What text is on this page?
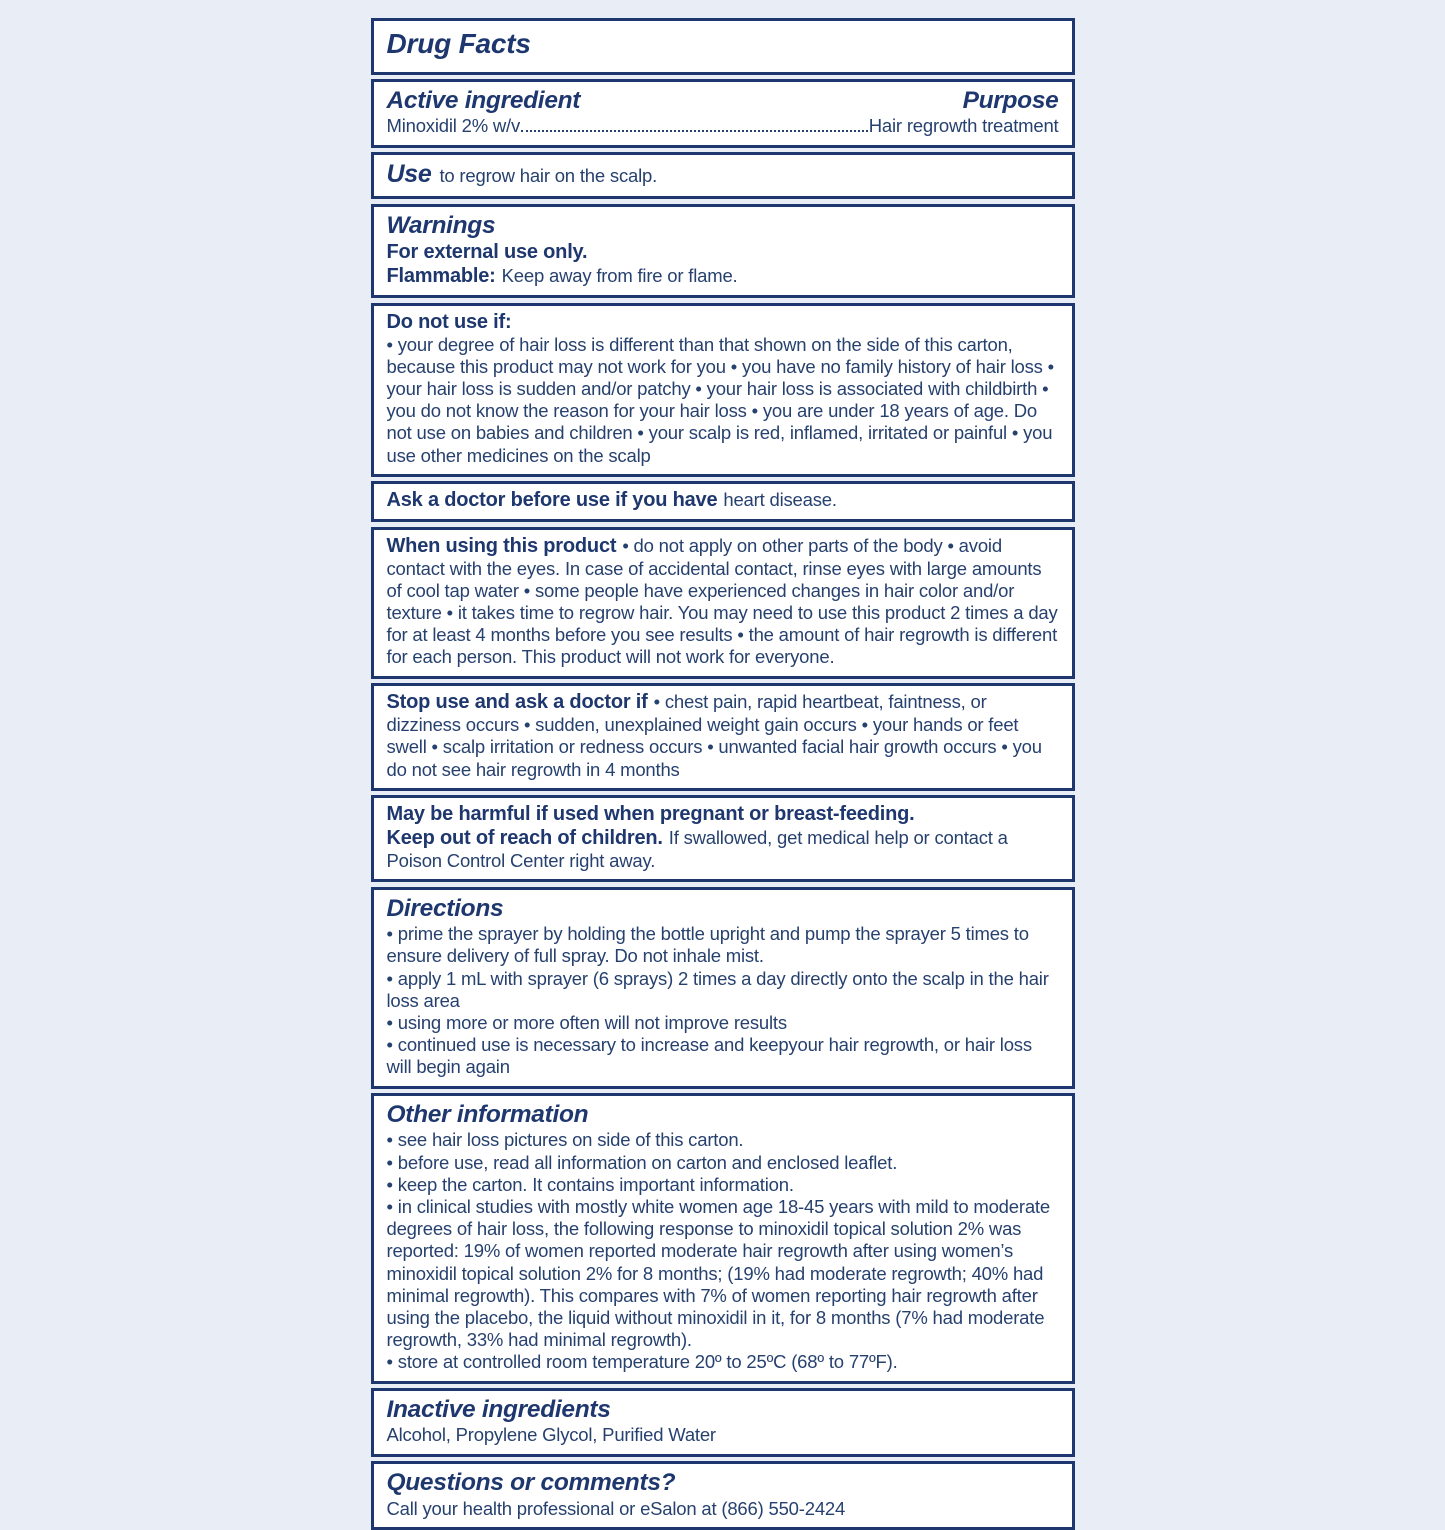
Drug Facts
Active ingredient	Purpose
Minoxidil 2% w/v	Hair regrowth treatment
Use to regrow hair on the scalp.
Warnings
For external use only.
Flammable: Keep away from fire or flame.
Do not use if:
• your degree of hair loss is different than that shown on the side of this carton, because this product may not work for you • you have no family history of hair loss • your hair loss is sudden and/or patchy • your hair loss is associated with childbirth • you do not know the reason for your hair loss • you are under 18 years of age. Do not use on babies and children • your scalp is red, inflamed, irritated or painful • you use other medicines on the scalp
Ask a doctor before use if you have heart disease.
When using this product • do not apply on other parts of the body • avoid contact with the eyes. In case of accidental contact, rinse eyes with large amounts of cool tap water • some people have experienced changes in hair color and/or texture • it takes time to regrow hair. You may need to use this product 2 times a day for at least 4 months before you see results • the amount of hair regrowth is different for each person. This product will not work for everyone.
Stop use and ask a doctor if • chest pain, rapid heartbeat, faintness, or dizziness occurs • sudden, unexplained weight gain occurs • your hands or feet swell • scalp irritation or redness occurs • unwanted facial hair growth occurs • you do not see hair regrowth in 4 months
May be harmful if used when pregnant or breast-feeding.
Keep out of reach of children. If swallowed, get medical help or contact a Poison Control Center right away.
Directions
• prime the sprayer by holding the bottle upright and pump the sprayer 5 times to ensure delivery of full spray. Do not inhale mist.
• apply 1 mL with sprayer (6 sprays) 2 times a day directly onto the scalp in the hair loss area
• using more or more often will not improve results
• continued use is necessary to increase and keepyour hair regrowth, or hair loss will begin again
Other information
• see hair loss pictures on side of this carton.
• before use, read all information on carton and enclosed leaflet.
• keep the carton. It contains important information.
• in clinical studies with mostly white women age 18-45 years with mild to moderate degrees of hair loss, the following response to minoxidil topical solution 2% was reported: 19% of women reported moderate hair regrowth after using women’s minoxidil topical solution 2% for 8 months; (19% had moderate regrowth; 40% had minimal regrowth). This compares with 7% of women reporting hair regrowth after using the placebo, the liquid without minoxidil in it, for 8 months (7% had moderate regrowth, 33% had minimal regrowth).
• store at controlled room temperature 20º to 25ºC (68º to 77ºF).
Inactive ingredients
Alcohol, Propylene Glycol, Purified Water
Questions or comments?
Call your health professional or eSalon at (866) 550-2424
